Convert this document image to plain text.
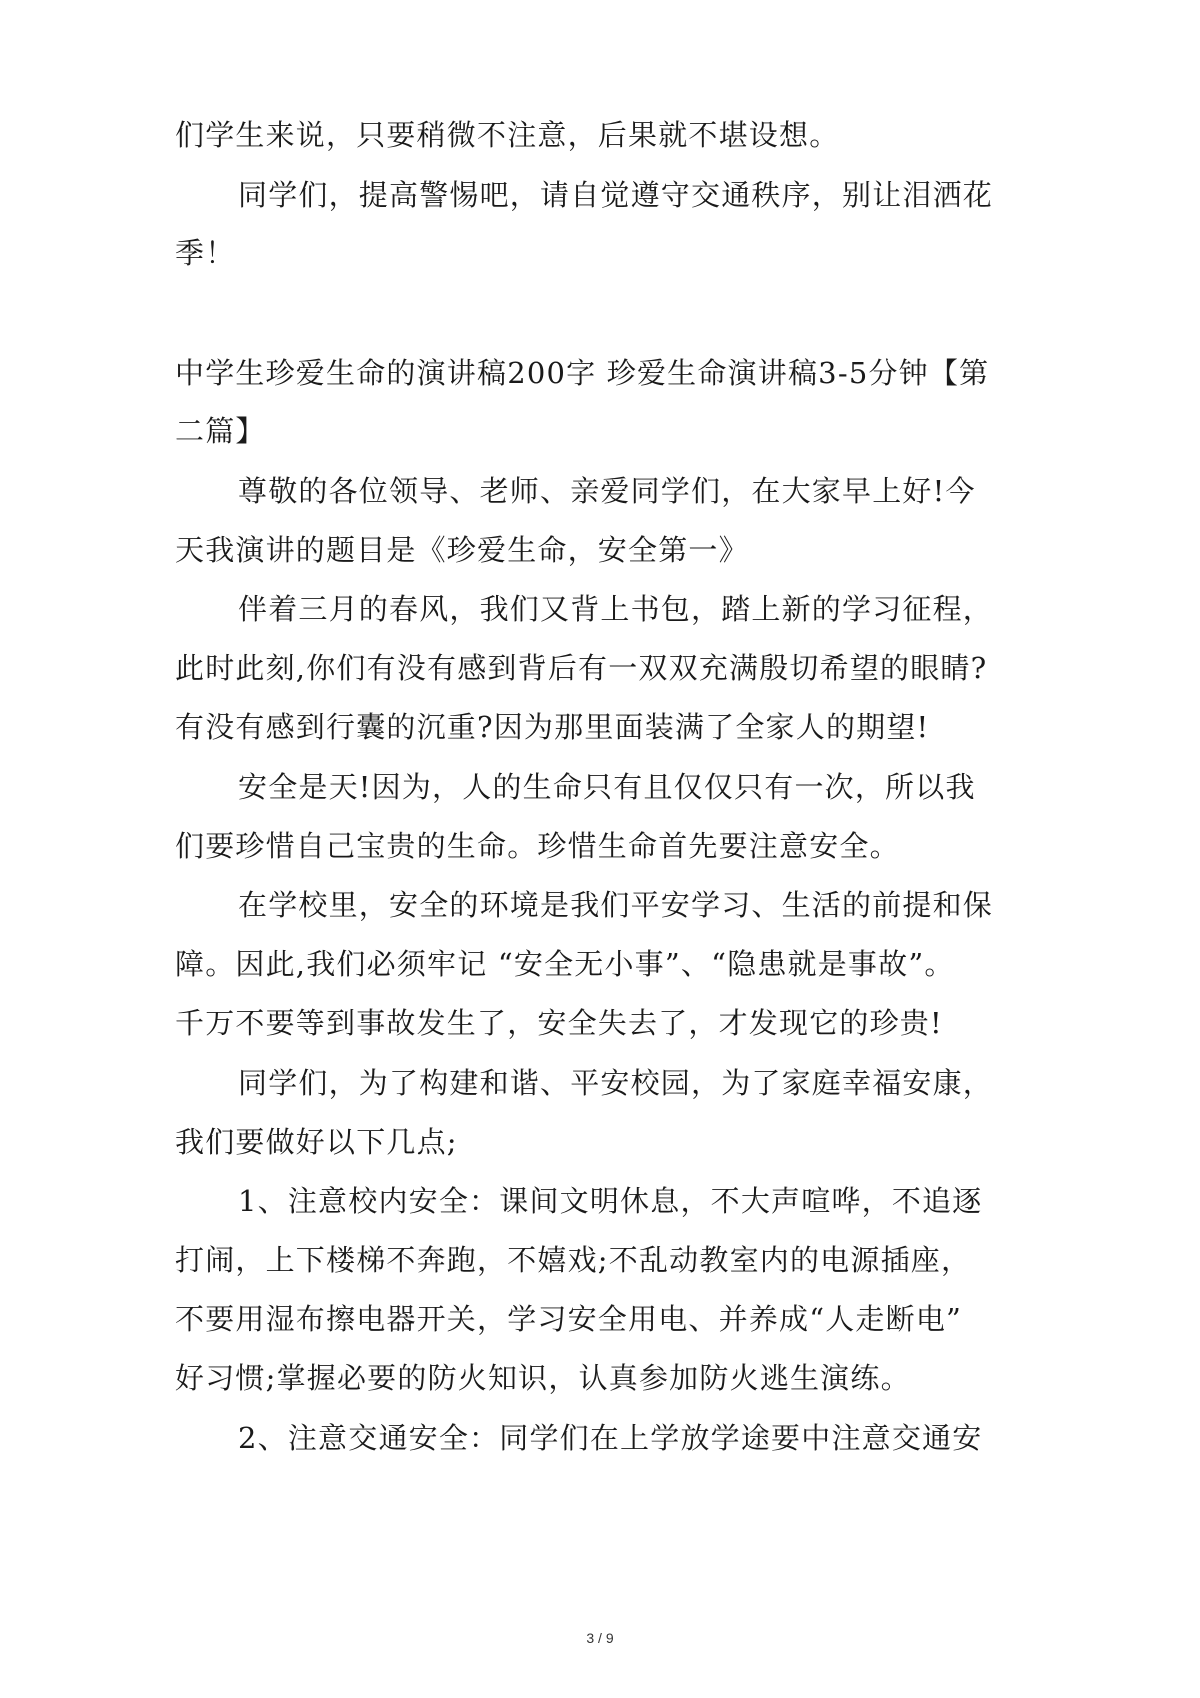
们学生来说，只要稍微不注意，后果就不堪设想。
同学们，提高警惕吧，请自觉遵守交通秩序，别让泪洒花
季！
中学生珍爱生命的演讲稿200字 珍爱生命演讲稿3-5分钟【第
二篇】
尊敬的各位领导、老师、亲爱同学们，在大家早上好!今
天我演讲的题目是《珍爱生命，安全第一》
伴着三月的春风，我们又背上书包，踏上新的学习征程，
此时此刻,你们有没有感到背后有一双双充满殷切希望的眼睛?
有没有感到行囊的沉重?因为那里面装满了全家人的期望!
安全是天!因为，人的生命只有且仅仅只有一次，所以我
们要珍惜自己宝贵的生命。珍惜生命首先要注意安全。
在学校里，安全的环境是我们平安学习、生活的前提和保
障。因此,我们必须牢记 “安全无小事”、“隐患就是事故”。
千万不要等到事故发生了，安全失去了，才发现它的珍贵!
同学们，为了构建和谐、平安校园，为了家庭幸福安康，
我们要做好以下几点;
1、注意校内安全：课间文明休息，不大声喧哗，不追逐
打闹，上下楼梯不奔跑，不嬉戏;不乱动教室内的电源插座，
不要用湿布擦电器开关，学习安全用电、并养成“人走断电”
好习惯;掌握必要的防火知识，认真参加防火逃生演练。
2、注意交通安全：同学们在上学放学途要中注意交通安
3 / 9
